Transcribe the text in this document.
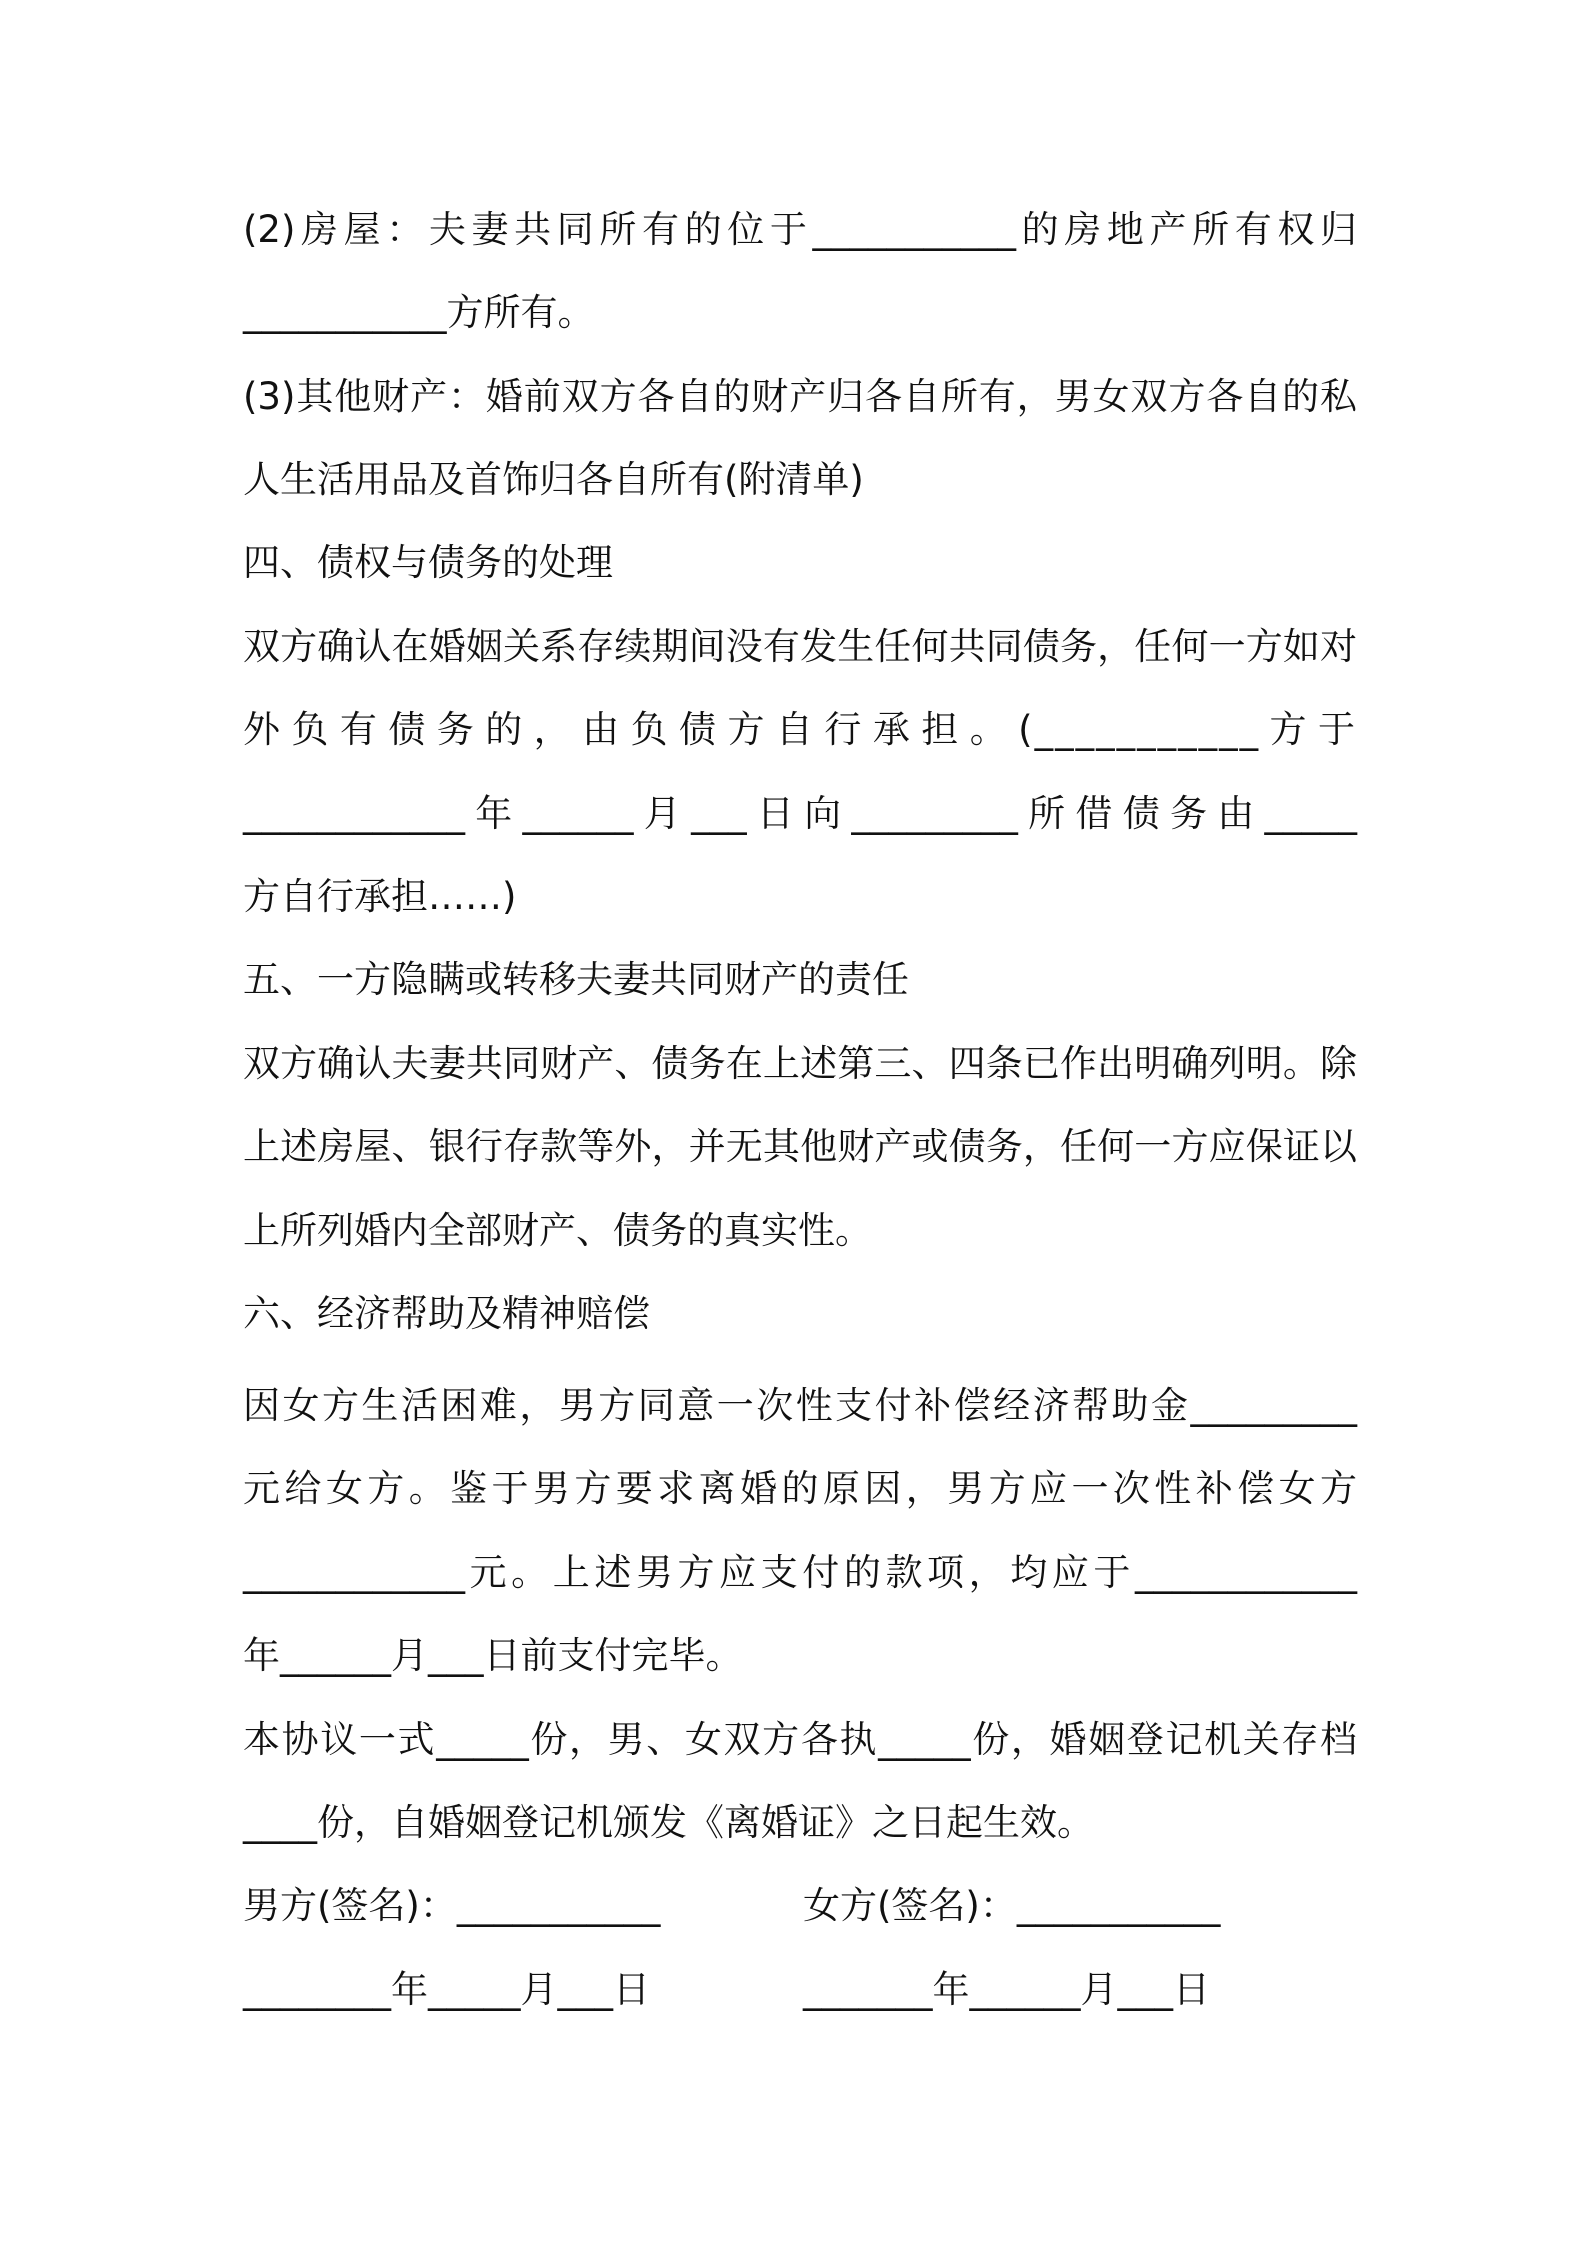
(2)房屋：夫妻共同所有的位于___________的房地产所有权归
___________方所有。
(3)其他财产：婚前双方各自的财产归各自所有，男女双方各自的私
人生活用品及首饰归各自所有(附清单)
四、债权与债务的处理
双方确认在婚姻关系存续期间没有发生任何共同债务，任何一方如对
外负有债务的，由负债方自行承担。(___________方于
____________年______月___日向_________所借债务由_____
方自行承担……)
五、一方隐瞒或转移夫妻共同财产的责任
双方确认夫妻共同财产、债务在上述第三、四条已作出明确列明。除
上述房屋、银行存款等外，并无其他财产或债务，任何一方应保证以
上所列婚内全部财产、债务的真实性。
六、经济帮助及精神赔偿
因女方生活困难，男方同意一次性支付补偿经济帮助金_________
元给女方。鉴于男方要求离婚的原因，男方应一次性补偿女方
____________元。上述男方应支付的款项，均应于____________
年______月___日前支付完毕。
本协议一式_____份，男、女双方各执_____份，婚姻登记机关存档
____份，自婚姻登记机颁发《离婚证》之日起生效。
男方(签名)：___________	女方(签名)：___________
________年_____月___日	_______年______月___日
